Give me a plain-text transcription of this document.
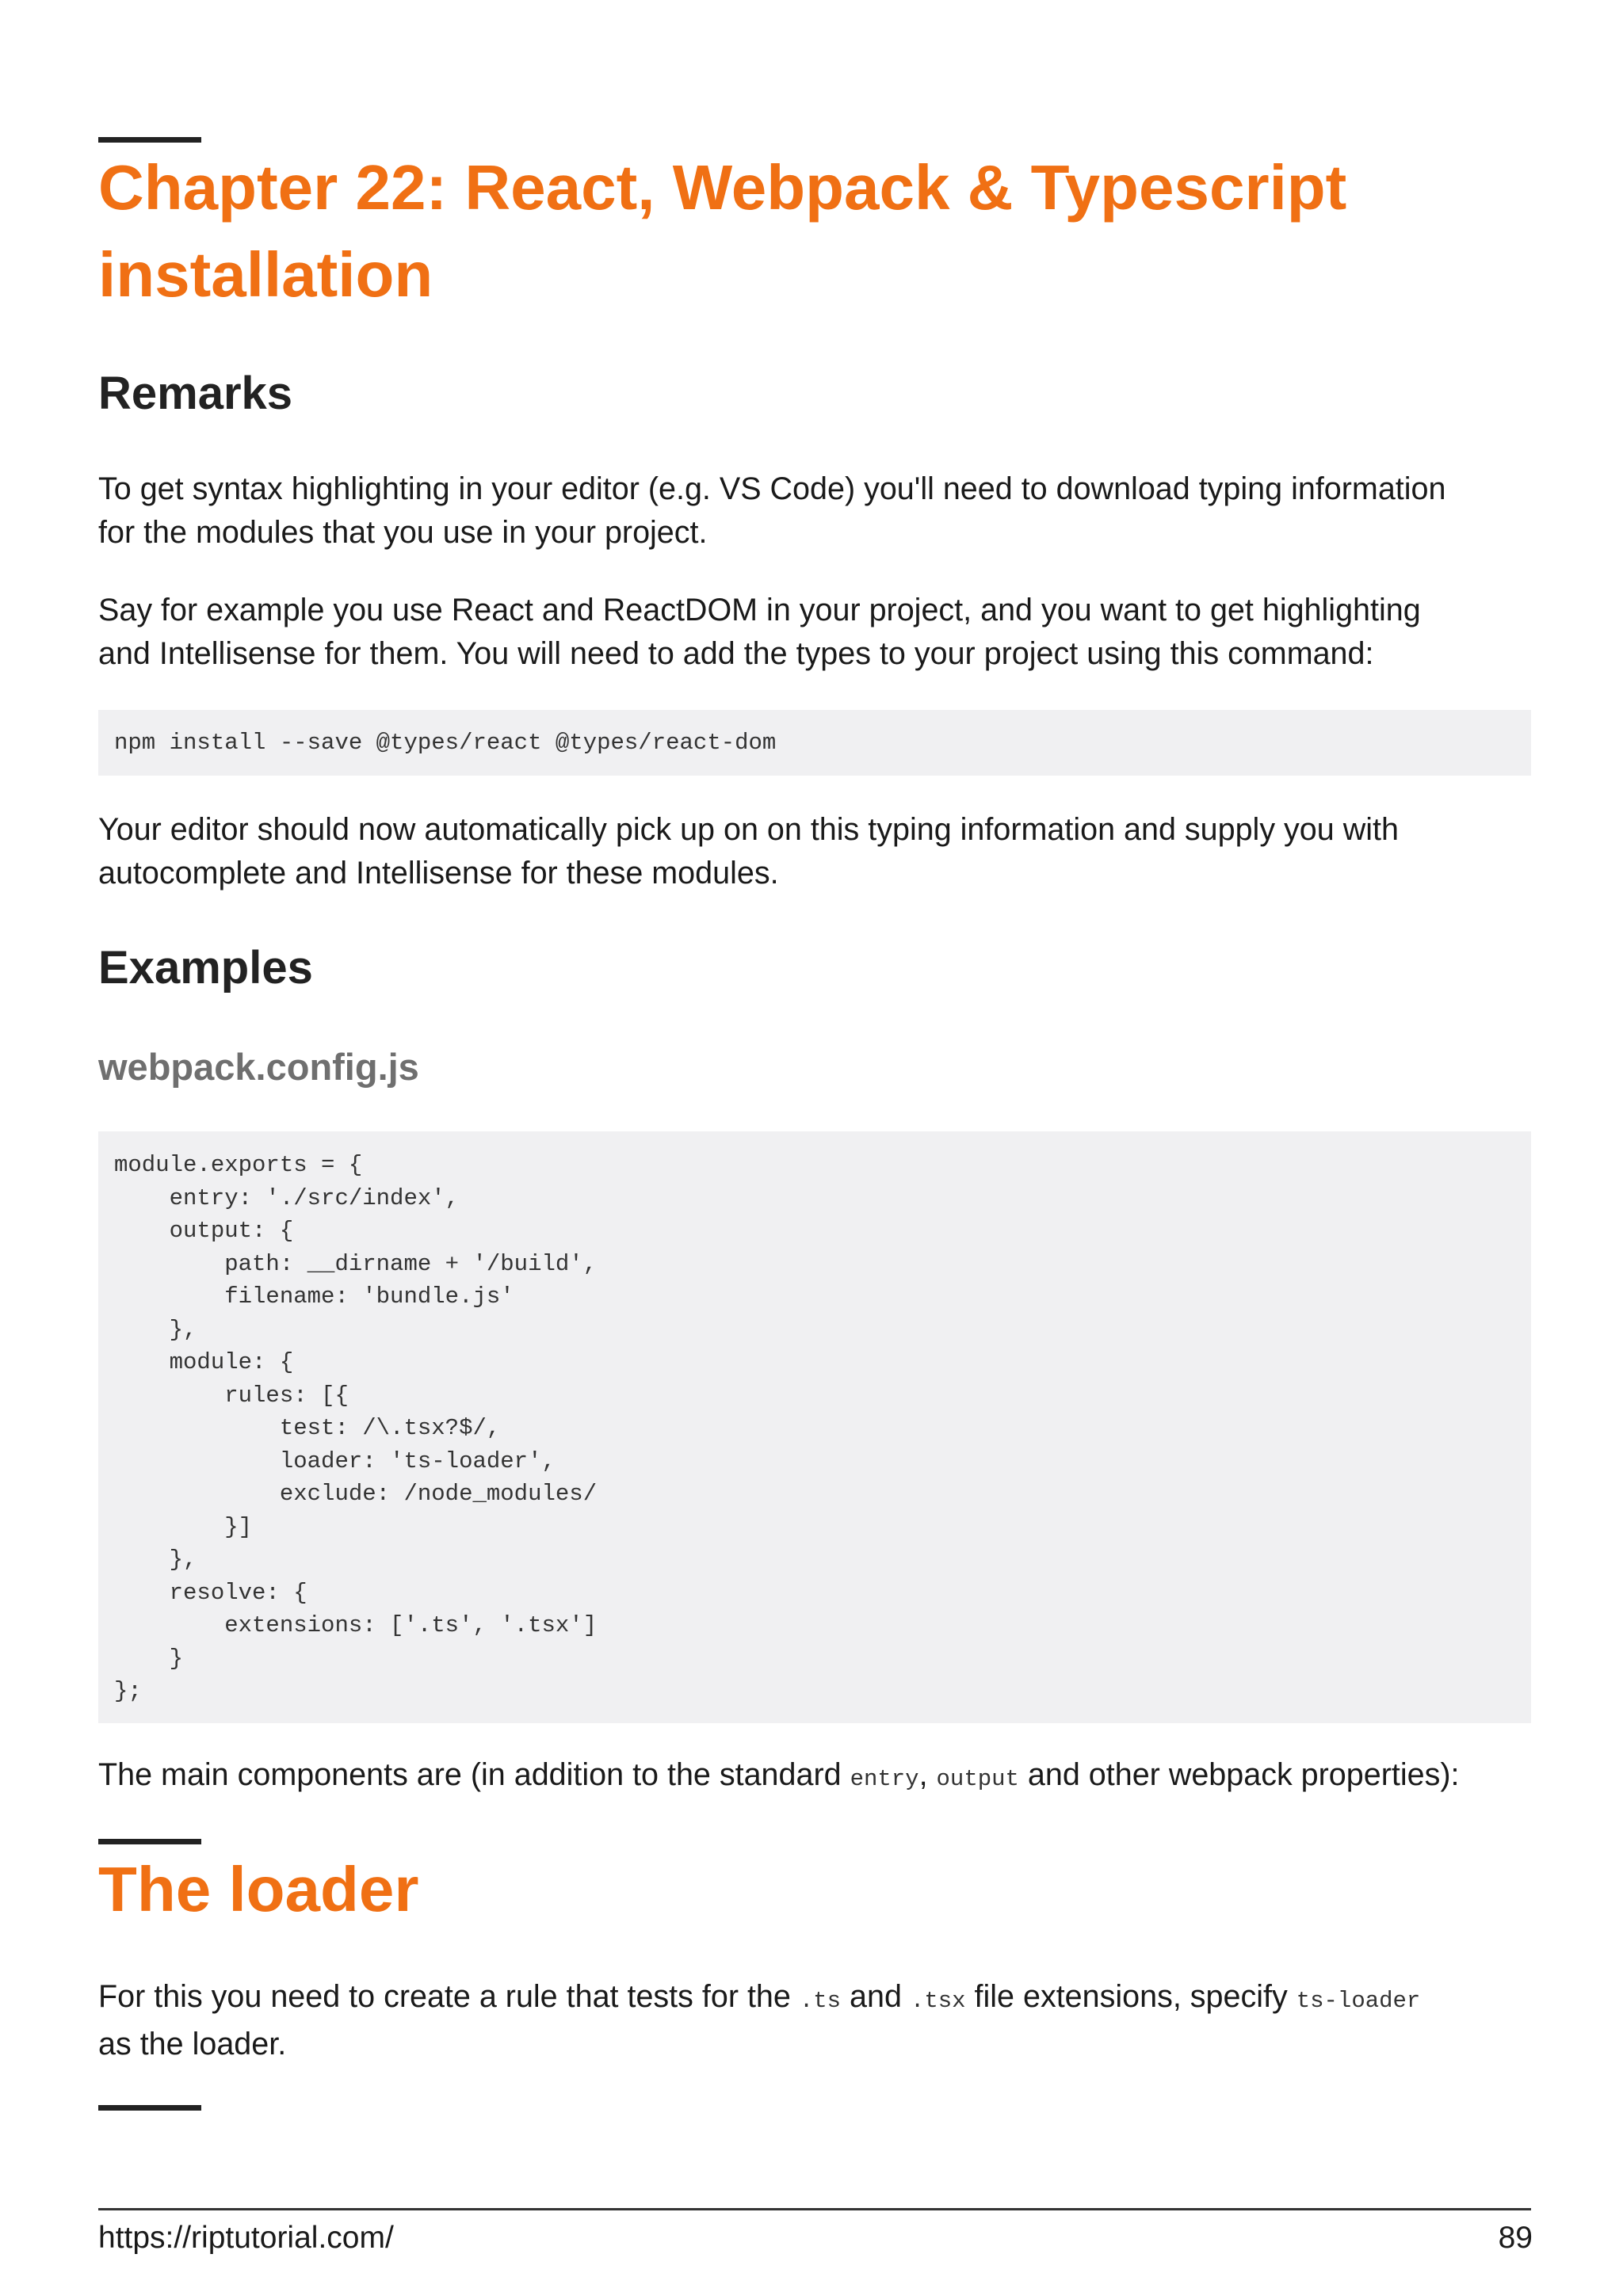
Chapter 22: React, Webpack & Typescript
installation
Remarks

To get syntax highlighting in your editor (e.g. VS Code) you'll need to download typing information
for the modules that you use in your project.

Say for example you use React and ReactDOM in your project, and you want to get highlighting
and Intellisense for them. You will need to add the types to your project using this command:

npm install --save @types/react @types/react-dom

Your editor should now automatically pick up on on this typing information and supply you with
autocomplete and Intellisense for these modules.

Examples
webpack.config.js
module.exports = {
entry: './src/index',
output: {
path: __dirname + '/build',
filename: 'bundle.js'
},
module: {
rules: [{
test: /\.tsx?$/,
loader: 'ts-loader',
exclude: /node_modules/
}]
},
resolve: {
extensions: ['.ts', '.tsx']
}
};

The main components are (in addition to the standard entry, output and other webpack properties):

The loader

For this you need to create a rule that tests for the .ts and .tsx file extensions, specify ts-loader
as the loader.

https://riptutorial.com/	89
